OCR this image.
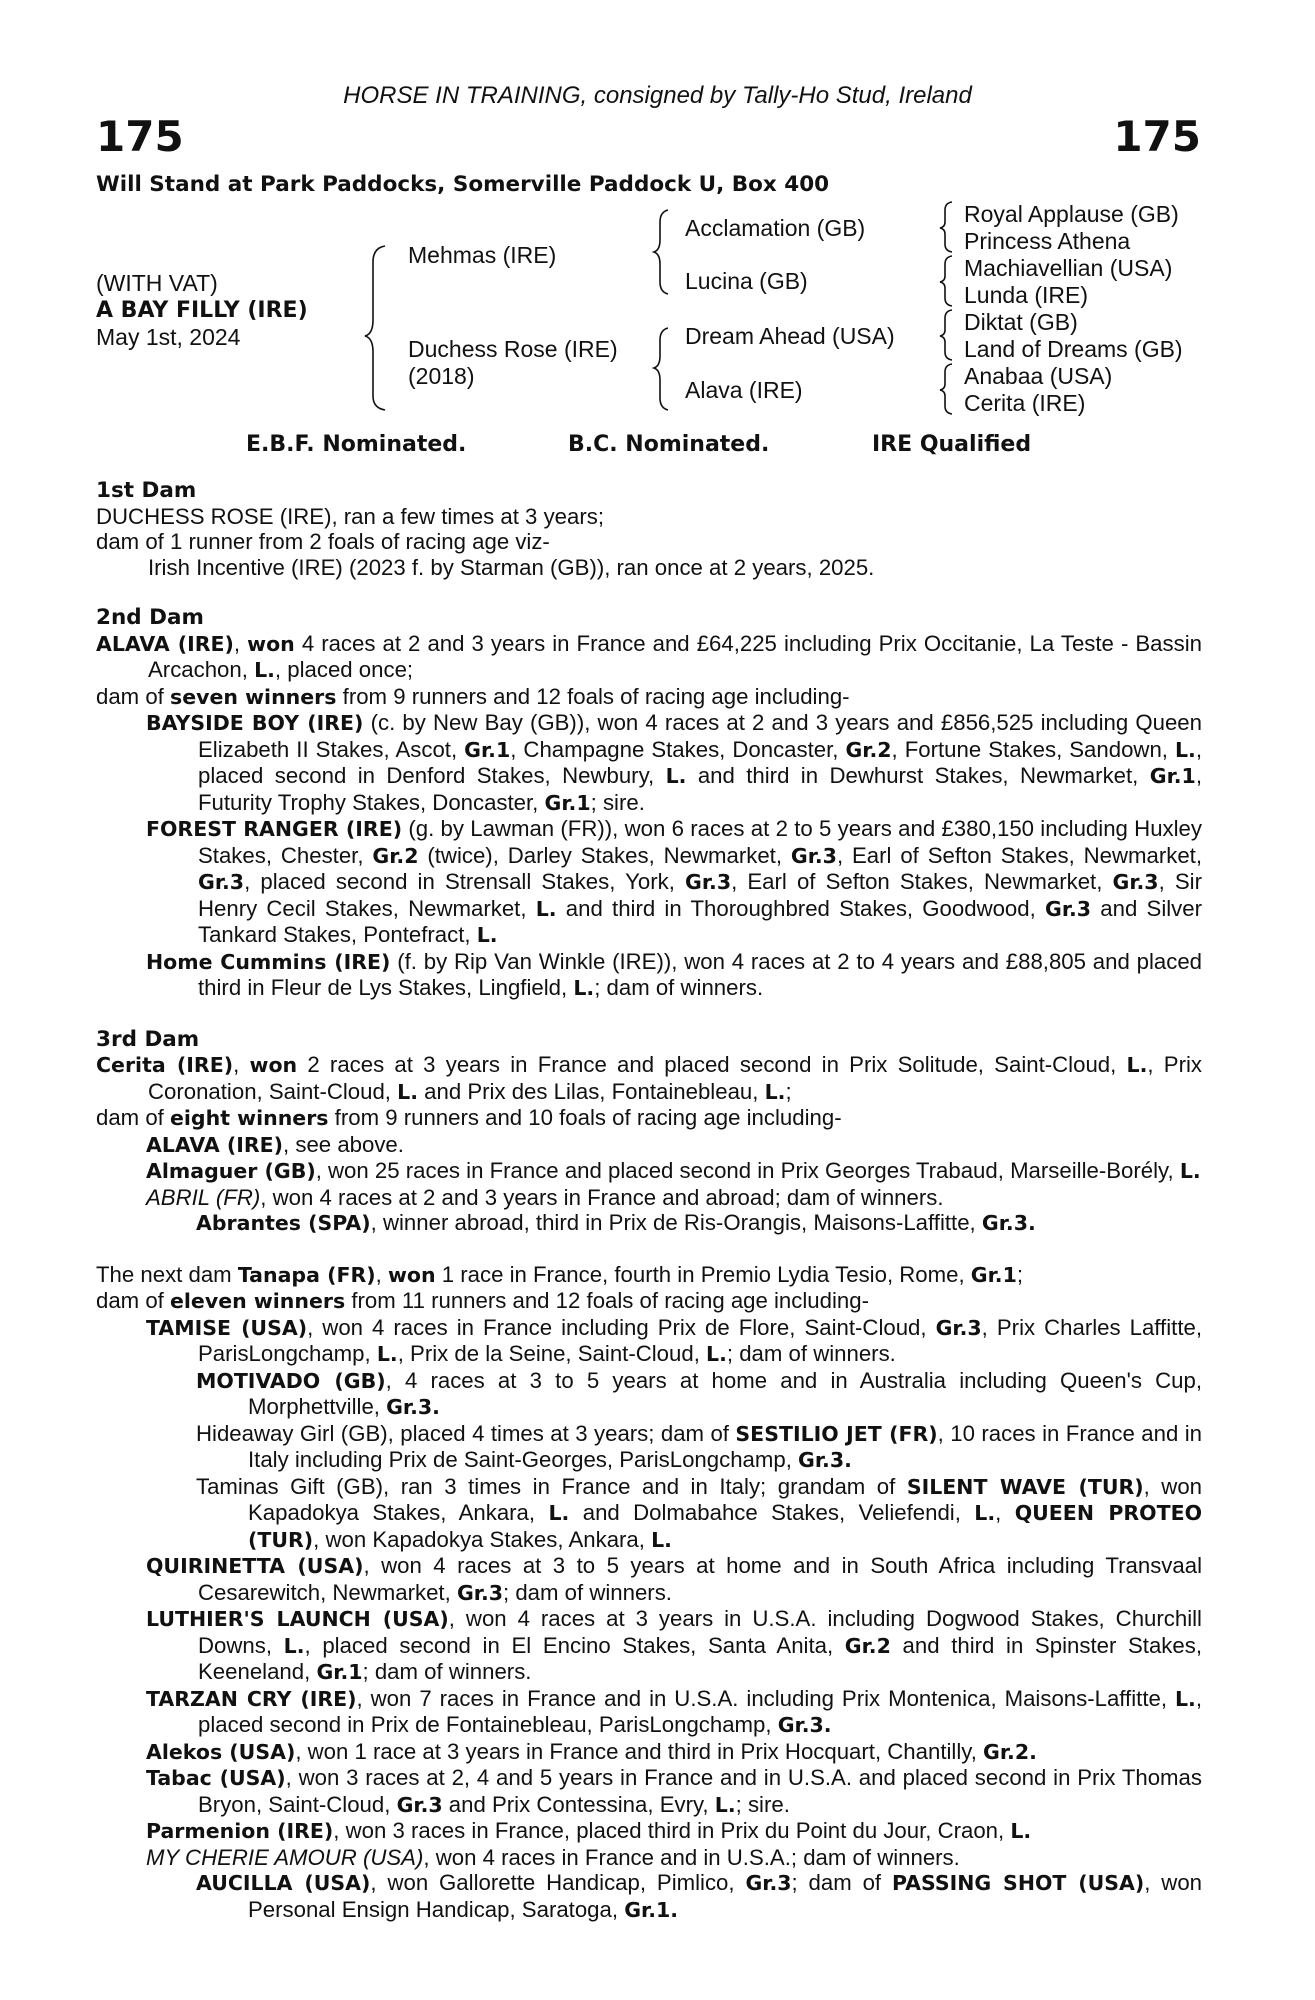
HORSE IN TRAINING, consigned by Tally-Ho Stud, Ireland
175	175
Will Stand at Park Paddocks, Somerville Paddock U, Box 400
(WITH VAT)
A BAY FILLY (IRE)
May 1st, 2024
Mehmas (IRE)
Duchess Rose (IRE)
(2018)
Acclamation (GB)
Lucina (GB)
Dream Ahead (USA)
Alava (IRE)
Royal Applause (GB)
Princess Athena
Machiavellian (USA)
Lunda (IRE)
Diktat (GB)
Land of Dreams (GB)
Anabaa (USA)
Cerita (IRE)
E.B.F. Nominated.	B.C. Nominated.	IRE Qualified
1st Dam

DUCHESS ROSE (IRE), ran a few times at 3 years;

dam of 1 runner from 2 foals of racing age viz-

Irish Incentive (IRE) (2023 f. by Starman (GB)), ran once at 2 years, 2025.

2nd Dam

ALAVA (IRE), won 4 races at 2 and 3 years in France and £64,225 including Prix Occitanie, La Teste - Bassin Arcachon, L., placed once;

dam of seven winners from 9 runners and 12 foals of racing age including-

BAYSIDE BOY (IRE) (c. by New Bay (GB)), won 4 races at 2 and 3 years and £856,525 including Queen Elizabeth II Stakes, Ascot, Gr.1, Champagne Stakes, Doncaster, Gr.2, Fortune Stakes, Sandown, L., placed second in Denford Stakes, Newbury, L. and third in Dewhurst Stakes, Newmarket, Gr.1, Futurity Trophy Stakes, Doncaster, Gr.1; sire.

FOREST RANGER (IRE) (g. by Lawman (FR)), won 6 races at 2 to 5 years and £380,150 including Huxley Stakes, Chester, Gr.2 (twice), Darley Stakes, Newmarket, Gr.3, Earl of Sefton Stakes, Newmarket, Gr.3, placed second in Strensall Stakes, York, Gr.3, Earl of Sefton Stakes, Newmarket, Gr.3, Sir Henry Cecil Stakes, Newmarket, L. and third in Thoroughbred Stakes, Goodwood, Gr.3 and Silver Tankard Stakes, Pontefract, L.

Home Cummins (IRE) (f. by Rip Van Winkle (IRE)), won 4 races at 2 to 4 years and £88,805 and placed third in Fleur de Lys Stakes, Lingfield, L.; dam of winners.

3rd Dam

Cerita (IRE), won 2 races at 3 years in France and placed second in Prix Solitude, Saint-Cloud, L., Prix Coronation, Saint-Cloud, L. and Prix des Lilas, Fontainebleau, L.;

dam of eight winners from 9 runners and 10 foals of racing age including-

ALAVA (IRE), see above.

Almaguer (GB), won 25 races in France and placed second in Prix Georges Trabaud, Marseille-Borély, L.

ABRIL (FR), won 4 races at 2 and 3 years in France and abroad; dam of winners.

Abrantes (SPA), winner abroad, third in Prix de Ris-Orangis, Maisons-Laffitte, Gr.3.

The next dam Tanapa (FR), won 1 race in France, fourth in Premio Lydia Tesio, Rome, Gr.1;

dam of eleven winners from 11 runners and 12 foals of racing age including-

TAMISE (USA), won 4 races in France including Prix de Flore, Saint-Cloud, Gr.3, Prix Charles Laffitte, ParisLongchamp, L., Prix de la Seine, Saint-Cloud, L.; dam of winners.

MOTIVADO (GB), 4 races at 3 to 5 years at home and in Australia including Queen's Cup, Morphettville, Gr.3.

Hideaway Girl (GB), placed 4 times at 3 years; dam of SESTILIO JET (FR), 10 races in France and in Italy including Prix de Saint-Georges, ParisLongchamp, Gr.3.

Taminas Gift (GB), ran 3 times in France and in Italy; grandam of SILENT WAVE (TUR), won Kapadokya Stakes, Ankara, L. and Dolmabahce Stakes, Veliefendi, L., QUEEN PROTEO (TUR), won Kapadokya Stakes, Ankara, L.

QUIRINETTA (USA), won 4 races at 3 to 5 years at home and in South Africa including Transvaal Cesarewitch, Newmarket, Gr.3; dam of winners.

LUTHIER'S LAUNCH (USA), won 4 races at 3 years in U.S.A. including Dogwood Stakes, Churchill Downs, L., placed second in El Encino Stakes, Santa Anita, Gr.2 and third in Spinster Stakes, Keeneland, Gr.1; dam of winners.

TARZAN CRY (IRE), won 7 races in France and in U.S.A. including Prix Montenica, Maisons-Laffitte, L., placed second in Prix de Fontainebleau, ParisLongchamp, Gr.3.

Alekos (USA), won 1 race at 3 years in France and third in Prix Hocquart, Chantilly, Gr.2.

Tabac (USA), won 3 races at 2, 4 and 5 years in France and in U.S.A. and placed second in Prix Thomas Bryon, Saint-Cloud, Gr.3 and Prix Contessina, Evry, L.; sire.

Parmenion (IRE), won 3 races in France, placed third in Prix du Point du Jour, Craon, L.

MY CHERIE AMOUR (USA), won 4 races in France and in U.S.A.; dam of winners.

AUCILLA (USA), won Gallorette Handicap, Pimlico, Gr.3; dam of PASSING SHOT (USA), won Personal Ensign Handicap, Saratoga, Gr.1.
